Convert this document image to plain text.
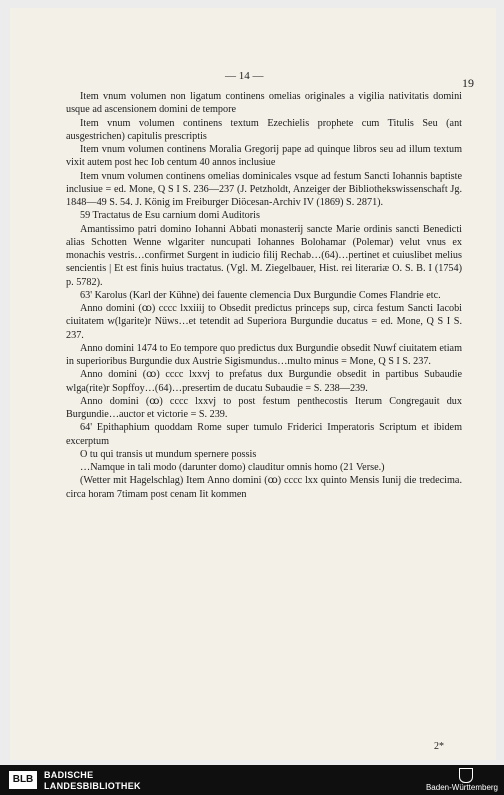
— 14 —	19

Item vnum volumen non ligatum continens omelias originales a vigilia nativitatis domini usque ad ascensionem domini de tempore

Item vnum volumen continens textum Ezechielis prophete cum Titulis Seu (ant ausgestrichen) capitulis prescriptis

Item vnum volumen continens Moralia Gregorij pape ad quinque libros seu ad illum textum vixit autem post hec Iob centum 40 annos inclusiue

Item vnum volumen continens omelias dominicales vsque ad festum Sancti Iohannis baptiste inclusiue = ed. Mone, Q S I S. 236—237 (J. Petzholdt, Anzeiger der Bibliothekswissenschaft Jg. 1848—49 S. 54. J. König im Freiburger Diöcesan-Archiv IV (1869) S. 2871).

59 Tractatus de Esu carnium domi Auditoris

Amantissimo patri domino Iohanni Abbati monasterij sancte Marie ordinis sancti Benedicti alias Schotten Wenne wlgariter nuncupati Iohannes Bolohamar (Polemar) velut vnus ex monachis vestris…confirmet Surgent in iudicio filij Rechab…(64)…pertinet et cuiuslibet melius sencientis | Et est finis huius tractatus. (Vgl. M. Ziegelbauer, Hist. rei literariæ O. S. B. I (1754) p. 5782).

63' Karolus (Karl der Kühne) dei fauente clemencia Dux Burgundie Comes Flandrie etc.

Anno domini (ꝏ) cccc lxxiiij to Obsedit predictus princeps sup, circa festum Sancti Iacobi ciuitatem w(lgarite)r Nüws…et tetendit ad Superiora Burgundie ducatus = ed. Mone, Q S I S. 237.

Anno domini 1474 to Eo tempore quo predictus dux Burgundie obsedit Nuwf ciuitatem etiam in superioribus Burgundie dux Austrie Sigismundus…multo minus = Mone, Q S I S. 237.

Anno domini (ꝏ) cccc lxxvj to prefatus dux Burgundie obsedit in partibus Subaudie wlga(rite)r Sopffoy…(64)…presertim de ducatu Subaudie = S. 238—239.

Anno domini (ꝏ) cccc lxxvj to post festum penthecostis Iterum Congregauit dux Burgundie…auctor et victorie = S. 239.

64' Epithaphium quoddam Rome super tumulo Friderici Imperatoris Scriptum et ibidem excerptum

O tu qui transis ut mundum spernere possis

…Namque in tali modo (darunter domo) clauditur omnis homo (21 Verse.)

(Wetter mit Hagelschlag) Item Anno domini (ꝏ) cccc lxx quinto Mensis Iunij die tredecima. circa horam 7timam post cenam Iit kommen

2*
BLB	BADISCHE
LANDESBIBLIOTHEK	Baden-Württemberg
